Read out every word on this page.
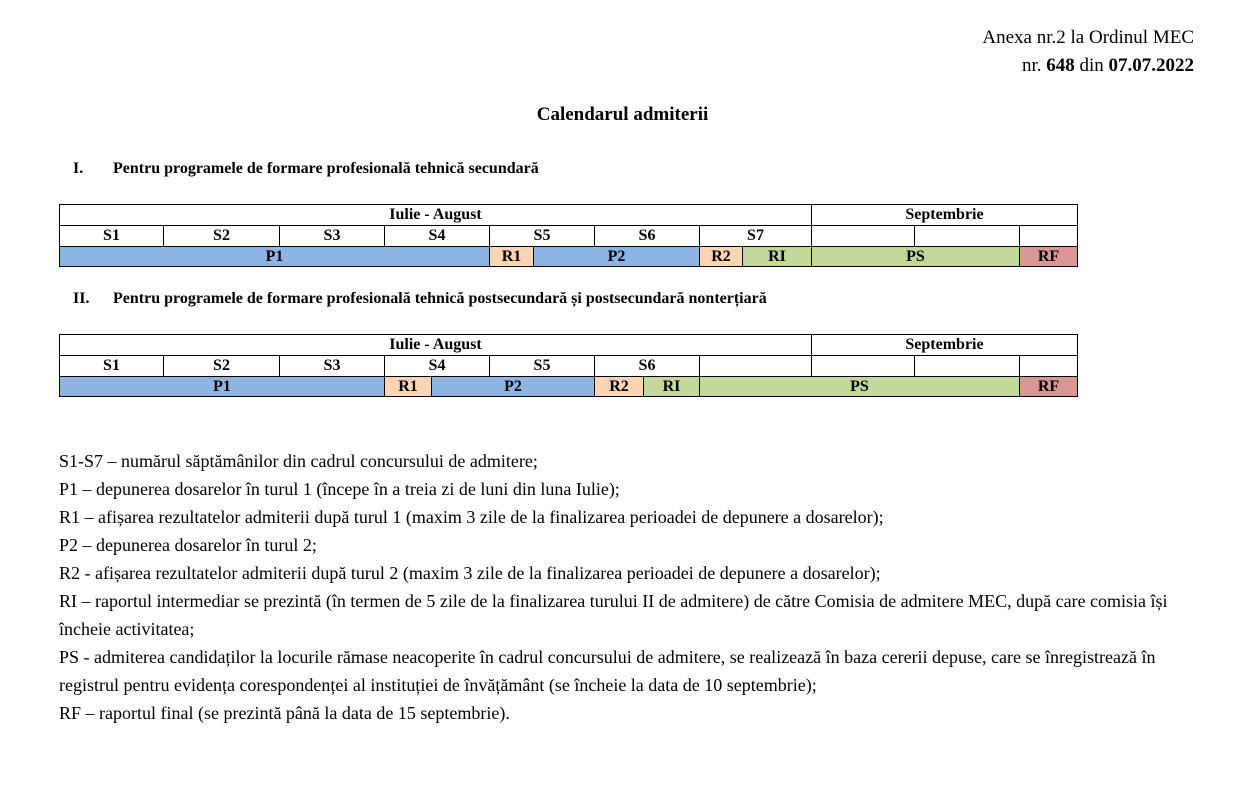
Anexa nr.2 la Ordinul MEC
nr. 648 din 07.07.2022
Calendarul admiterii
I. Pentru programele de formare profesională tehnică secundară
Iulie - August	Septembrie
S1	S2	S3	S4	S5	S6	S7
P1	R1	P2	R2	RI	PS	RF
II. Pentru programele de formare profesională tehnică postsecundară și postsecundară nonterțiară
Iulie - August	Septembrie
S1	S2	S3	S4	S5	S6
P1	R1	P2	R2	RI	PS	RF

S1-S7 – numărul săptămânilor din cadrul concursului de admitere;

P1 – depunerea dosarelor în turul 1 (începe în a treia zi de luni din luna Iulie);

R1 – afișarea rezultatelor admiterii după turul 1 (maxim 3 zile de la finalizarea perioadei de depunere a dosarelor);

P2 – depunerea dosarelor în turul 2;

R2 - afișarea rezultatelor admiterii după turul 2 (maxim 3 zile de la finalizarea perioadei de depunere a dosarelor);

RI – raportul intermediar se prezintă (în termen de 5 zile de la finalizarea turului II de admitere) de către Comisia de admitere MEC, după care comisia își încheie activitatea;

PS - admiterea candidaților la locurile rămase neacoperite în cadrul concursului de admitere, se realizează în baza cererii depuse, care se înregistrează în registrul pentru evidența corespondenței al instituției de învățământ (se încheie la data de 10 septembrie);

RF – raportul final (se prezintă până la data de 15 septembrie).
